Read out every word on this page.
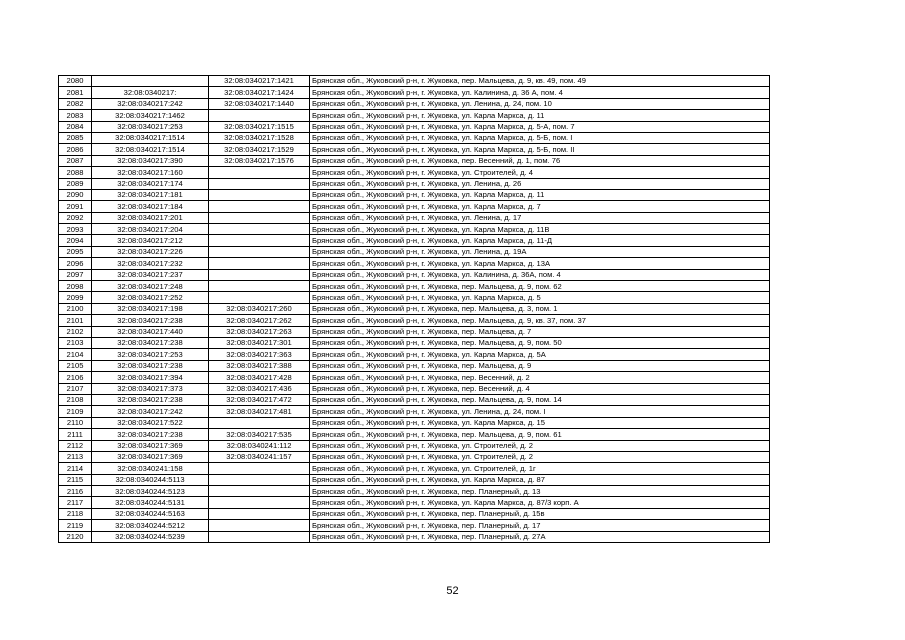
2080		32:08:0340217:1421	Брянская обл., Жуковский р-н, г. Жуковка, пер. Мальцева, д. 9, кв. 49, пом. 49
2081	32:08:0340217:	32:08:0340217:1424	Брянская обл., Жуковский р-н, г. Жуковка, ул. Калинина, д. 36 А, пом. 4
2082	32:08:0340217:242	32:08:0340217:1440	Брянская обл., Жуковский р-н, г. Жуковка, ул. Ленина, д. 24, пом. 10
2083	32:08:0340217:1462		Брянская обл., Жуковский р-н, г. Жуковка, ул. Карла Маркса, д. 11
2084	32:08:0340217:253	32:08:0340217:1515	Брянская обл., Жуковский р-н, г. Жуковка, ул. Карла Маркса, д. 5-А, пом. 7
2085	32:08:0340217:1514	32:08:0340217:1528	Брянская обл., Жуковский р-н, г. Жуковка, ул. Карла Маркса, д. 5-Б, пом. I
2086	32:08:0340217:1514	32:08:0340217:1529	Брянская обл., Жуковский р-н, г. Жуковка, ул. Карла Маркса, д. 5-Б, пом. II
2087	32:08:0340217:390	32:08:0340217:1576	Брянская обл., Жуковский р-н, г. Жуковка, пер. Весенний, д. 1, пом. 76
2088	32:08:0340217:160		Брянская обл., Жуковский р-н, г. Жуковка, ул. Строителей, д. 4
2089	32:08:0340217:174		Брянская обл., Жуковский р-н, г. Жуковка, ул. Ленина, д. 26
2090	32:08:0340217:181		Брянская обл., Жуковский р-н, г. Жуковка, ул. Карла Маркса, д. 11
2091	32:08:0340217:184		Брянская обл., Жуковский р-н, г. Жуковка, ул. Карла Маркса, д. 7
2092	32:08:0340217:201		Брянская обл., Жуковский р-н, г. Жуковка, ул. Ленина, д. 17
2093	32:08:0340217:204		Брянская обл., Жуковский р-н, г. Жуковка, ул. Карла Маркса, д. 11В
2094	32:08:0340217:212		Брянская обл., Жуковский р-н, г. Жуковка, ул. Карла Маркса, д. 11-Д
2095	32:08:0340217:226		Брянская обл., Жуковский р-н, г. Жуковка, ул. Ленина, д. 19А
2096	32:08:0340217:232		Брянская обл., Жуковский р-н, г. Жуковка, ул. Карла Маркса, д. 13А
2097	32:08:0340217:237		Брянская обл., Жуковский р-н, г. Жуковка, ул. Калинина, д. 36А, пом. 4
2098	32:08:0340217:248		Брянская обл., Жуковский р-н, г. Жуковка, пер. Мальцева, д. 9, пом. 62
2099	32:08:0340217:252		Брянская обл., Жуковский р-н, г. Жуковка, ул. Карла Маркса, д. 5
2100	32:08:0340217:198	32:08:0340217:260	Брянская обл., Жуковский р-н, г. Жуковка, пер. Мальцева, д. 3, пом. 1
2101	32:08:0340217:238	32:08:0340217:262	Брянская обл., Жуковский р-н, г. Жуковка, пер. Мальцева, д. 9, кв. 37, пом. 37
2102	32:08:0340217:440	32:08:0340217:263	Брянская обл., Жуковский р-н, г. Жуковка, пер. Мальцева, д. 7
2103	32:08:0340217:238	32:08:0340217:301	Брянская обл., Жуковский р-н, г. Жуковка, пер. Мальцева, д. 9, пом. 50
2104	32:08:0340217:253	32:08:0340217:363	Брянская обл., Жуковский р-н, г. Жуковка, ул. Карла Маркса, д. 5А
2105	32:08:0340217:238	32:08:0340217:388	Брянская обл., Жуковский р-н, г. Жуковка, пер. Мальцева, д. 9
2106	32:08:0340217:394	32:08:0340217:428	Брянская обл., Жуковский р-н, г. Жуковка, пер. Весенний, д. 2
2107	32:08:0340217:373	32:08:0340217:436	Брянская обл., Жуковский р-н, г. Жуковка, пер. Весенний, д. 4
2108	32:08:0340217:238	32:08:0340217:472	Брянская обл., Жуковский р-н, г. Жуковка, пер. Мальцева, д. 9, пом. 14
2109	32:08:0340217:242	32:08:0340217:481	Брянская обл., Жуковский р-н, г. Жуковка, ул. Ленина, д. 24, пом. I
2110	32:08:0340217:522		Брянская обл., Жуковский р-н, г. Жуковка, ул. Карла Маркса, д. 15
2111	32:08:0340217:238	32:08:0340217:535	Брянская обл., Жуковский р-н, г. Жуковка, пер. Мальцева, д. 9, пом. 61
2112	32:08:0340217:369	32:08:0340241:112	Брянская обл., Жуковский р-н, г. Жуковка, ул. Строителей, д. 2
2113	32:08:0340217:369	32:08:0340241:157	Брянская обл., Жуковский р-н, г. Жуковка, ул. Строителей, д. 2
2114	32:08:0340241:158		Брянская обл., Жуковский р-н, г. Жуковка, ул. Строителей, д. 1г
2115	32:08:0340244:5113		Брянская обл., Жуковский р-н, г. Жуковка, ул. Карла Маркса, д. 87
2116	32:08:0340244:5123		Брянская обл., Жуковский р-н, г. Жуковка, пер. Планерный, д. 13
2117	32:08:0340244:5131		Брянская обл., Жуковский р-н, г. Жуковка, ул. Карла Маркса, д. 87/3 корп. А
2118	32:08:0340244:5163		Брянская обл., Жуковский р-н, г. Жуковка, пер. Планерный, д. 15в
2119	32:08:0340244:5212		Брянская обл., Жуковский р-н, г. Жуковка, пер. Планерный, д. 17
2120	32:08:0340244:5239		Брянская обл., Жуковский р-н, г. Жуковка, пер. Планерный, д. 27А
52
